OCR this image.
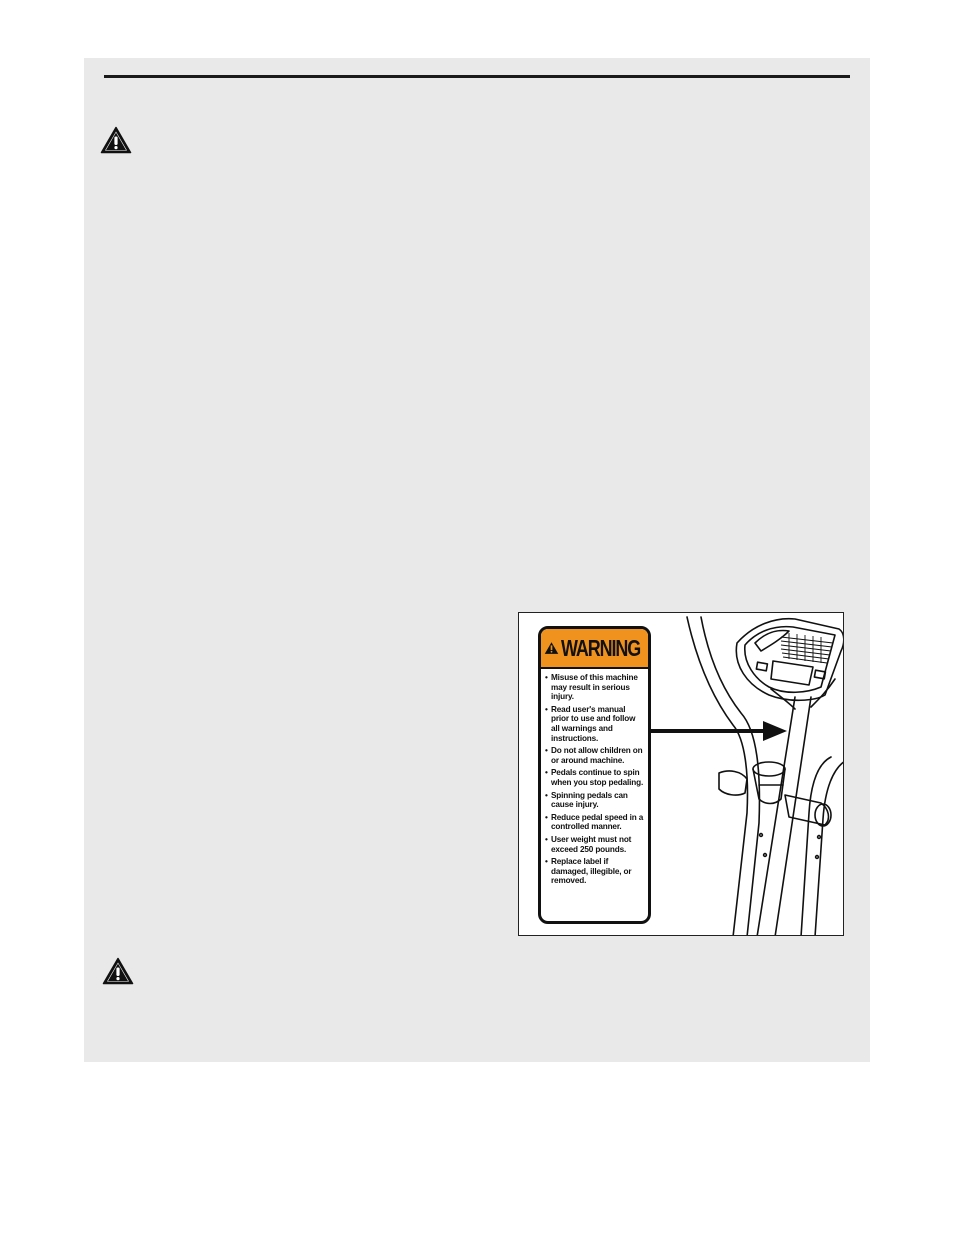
WARNING
• Misuse of this machine may result in serious injury.
• Read user's manual prior to use and follow all warnings and instructions.
• Do not allow children on or around machine.
• Pedals continue to spin when you stop pedaling.
• Spinning pedals can cause injury.
• Reduce pedal speed in a controlled manner.
• User weight must not exceed 250 pounds.
• Replace label if damaged, illegible, or removed.
